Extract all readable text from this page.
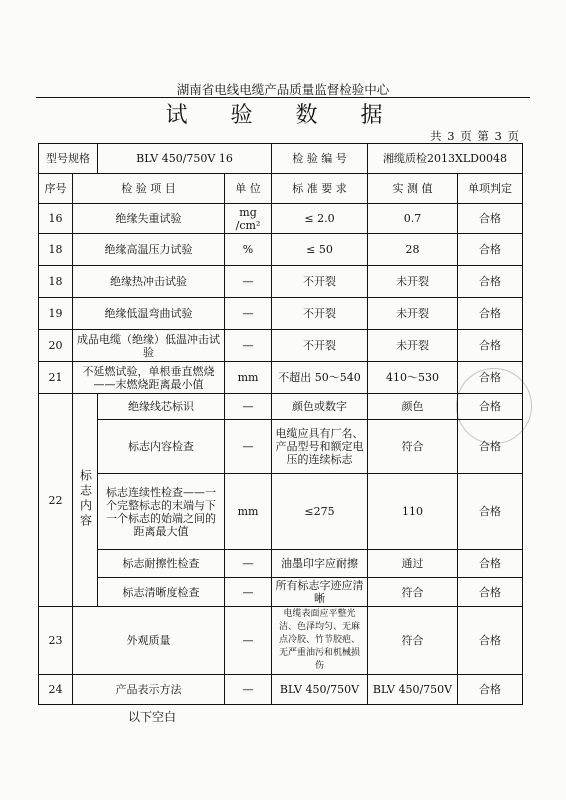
湖南省电线电缆产品质量监督检验中心
试 验 数 据
共 3 页 第 3 页
型号规格		BLV 450/750V 16		检 验 编 号	湘缆质检2013XLD0048	
序号	检 验 项 目		单 位	标 准 要 求	实 测 值	单项判定
16	绝缘失重试验		mg /cm²	≤ 2.0	0.7	合格
18	绝缘高温压力试验		%	≤ 50	28	合格
18	绝缘热冲击试验		—	不开裂	未开裂	合格
19	绝缘低温弯曲试验		—	不开裂	未开裂	合格
20	成品电缆（绝缘）低温冲击试验		—	不开裂	未开裂	合格
21	不延燃试验，单根垂直燃烧——末燃烧距离最小值		mm	不超出 50～540	410～530	合格
22	标志内容	绝缘线芯标识	—	颜色或数字	颜色	合格
		标志内容检查	—	电缆应具有厂名、产品型号和额定电压的连续标志	符合	合格
		标志连续性检查——一个完整标志的末端与下一个标志的始端之间的距离最大值	mm	≤275	110	合格
		标志耐擦性检查	—	油墨印字应耐擦	通过	合格
		标志清晰度检查	—	所有标志字迹应清晰	符合	合格
23	外观质量		—	电缆表面应平整光洁、色泽均匀、无麻点冷胶、竹节胶疤、无严重油污和机械损伤	符合	合格
24	产品表示方法		—	BLV 450/750V	BLV 450/750V	合格
以下空白
